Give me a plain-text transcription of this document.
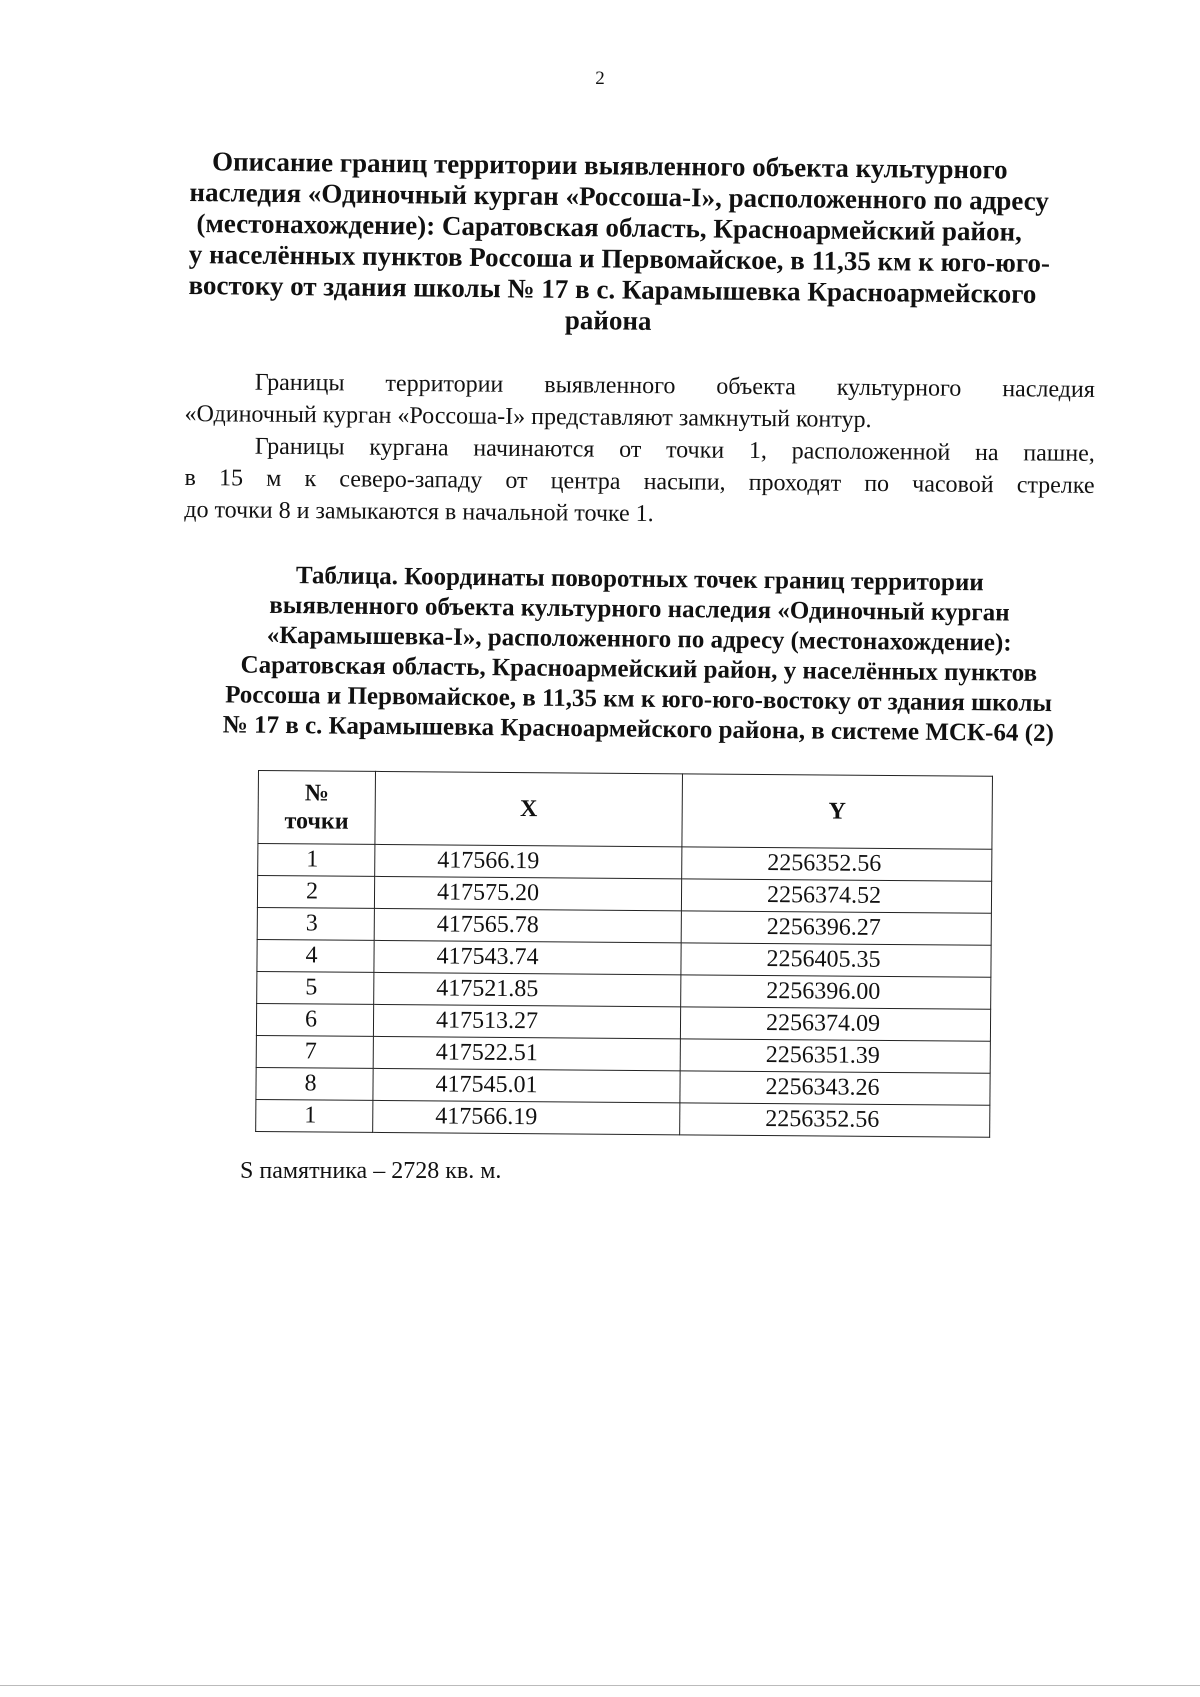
2
Описание границ территории выявленного объекта культурного
наследия «Одиночный курган «Россоша-I», расположенного по адресу
(местонахождение): Саратовская область, Красноармейский район,
у населённых пунктов Россоша и Первомайское, в 11,35 км к юго-юго-
востоку от здания школы № 17 в с. Карамышевка Красноармейского
района
Границы территории выявленного объекта культурного наследия
«Одиночный курган «Россоша-I» представляют замкнутый контур.
Границы кургана начинаются от точки 1, расположенной на пашне,
в 15 м к северо-западу от центра насыпи, проходят по часовой стрелке
до точки 8 и замыкаются в начальной точке 1.
Таблица. Координаты поворотных точек границ территории
выявленного объекта культурного наследия «Одиночный курган
«Карамышевка-I», расположенного по адресу (местонахождение):
Саратовская область, Красноармейский район, у населённых пунктов
Россоша и Первомайское, в 11,35 км к юго-юго-востоку от здания школы
№ 17 в с. Карамышевка Красноармейского района, в системе МСК-64 (2)
№
точки	X	Y
1	417566.19	2256352.56
2	417575.20	2256374.52
3	417565.78	2256396.27
4	417543.74	2256405.35
5	417521.85	2256396.00
6	417513.27	2256374.09
7	417522.51	2256351.39
8	417545.01	2256343.26
1	417566.19	2256352.56
S памятника – 2728 кв. м.
